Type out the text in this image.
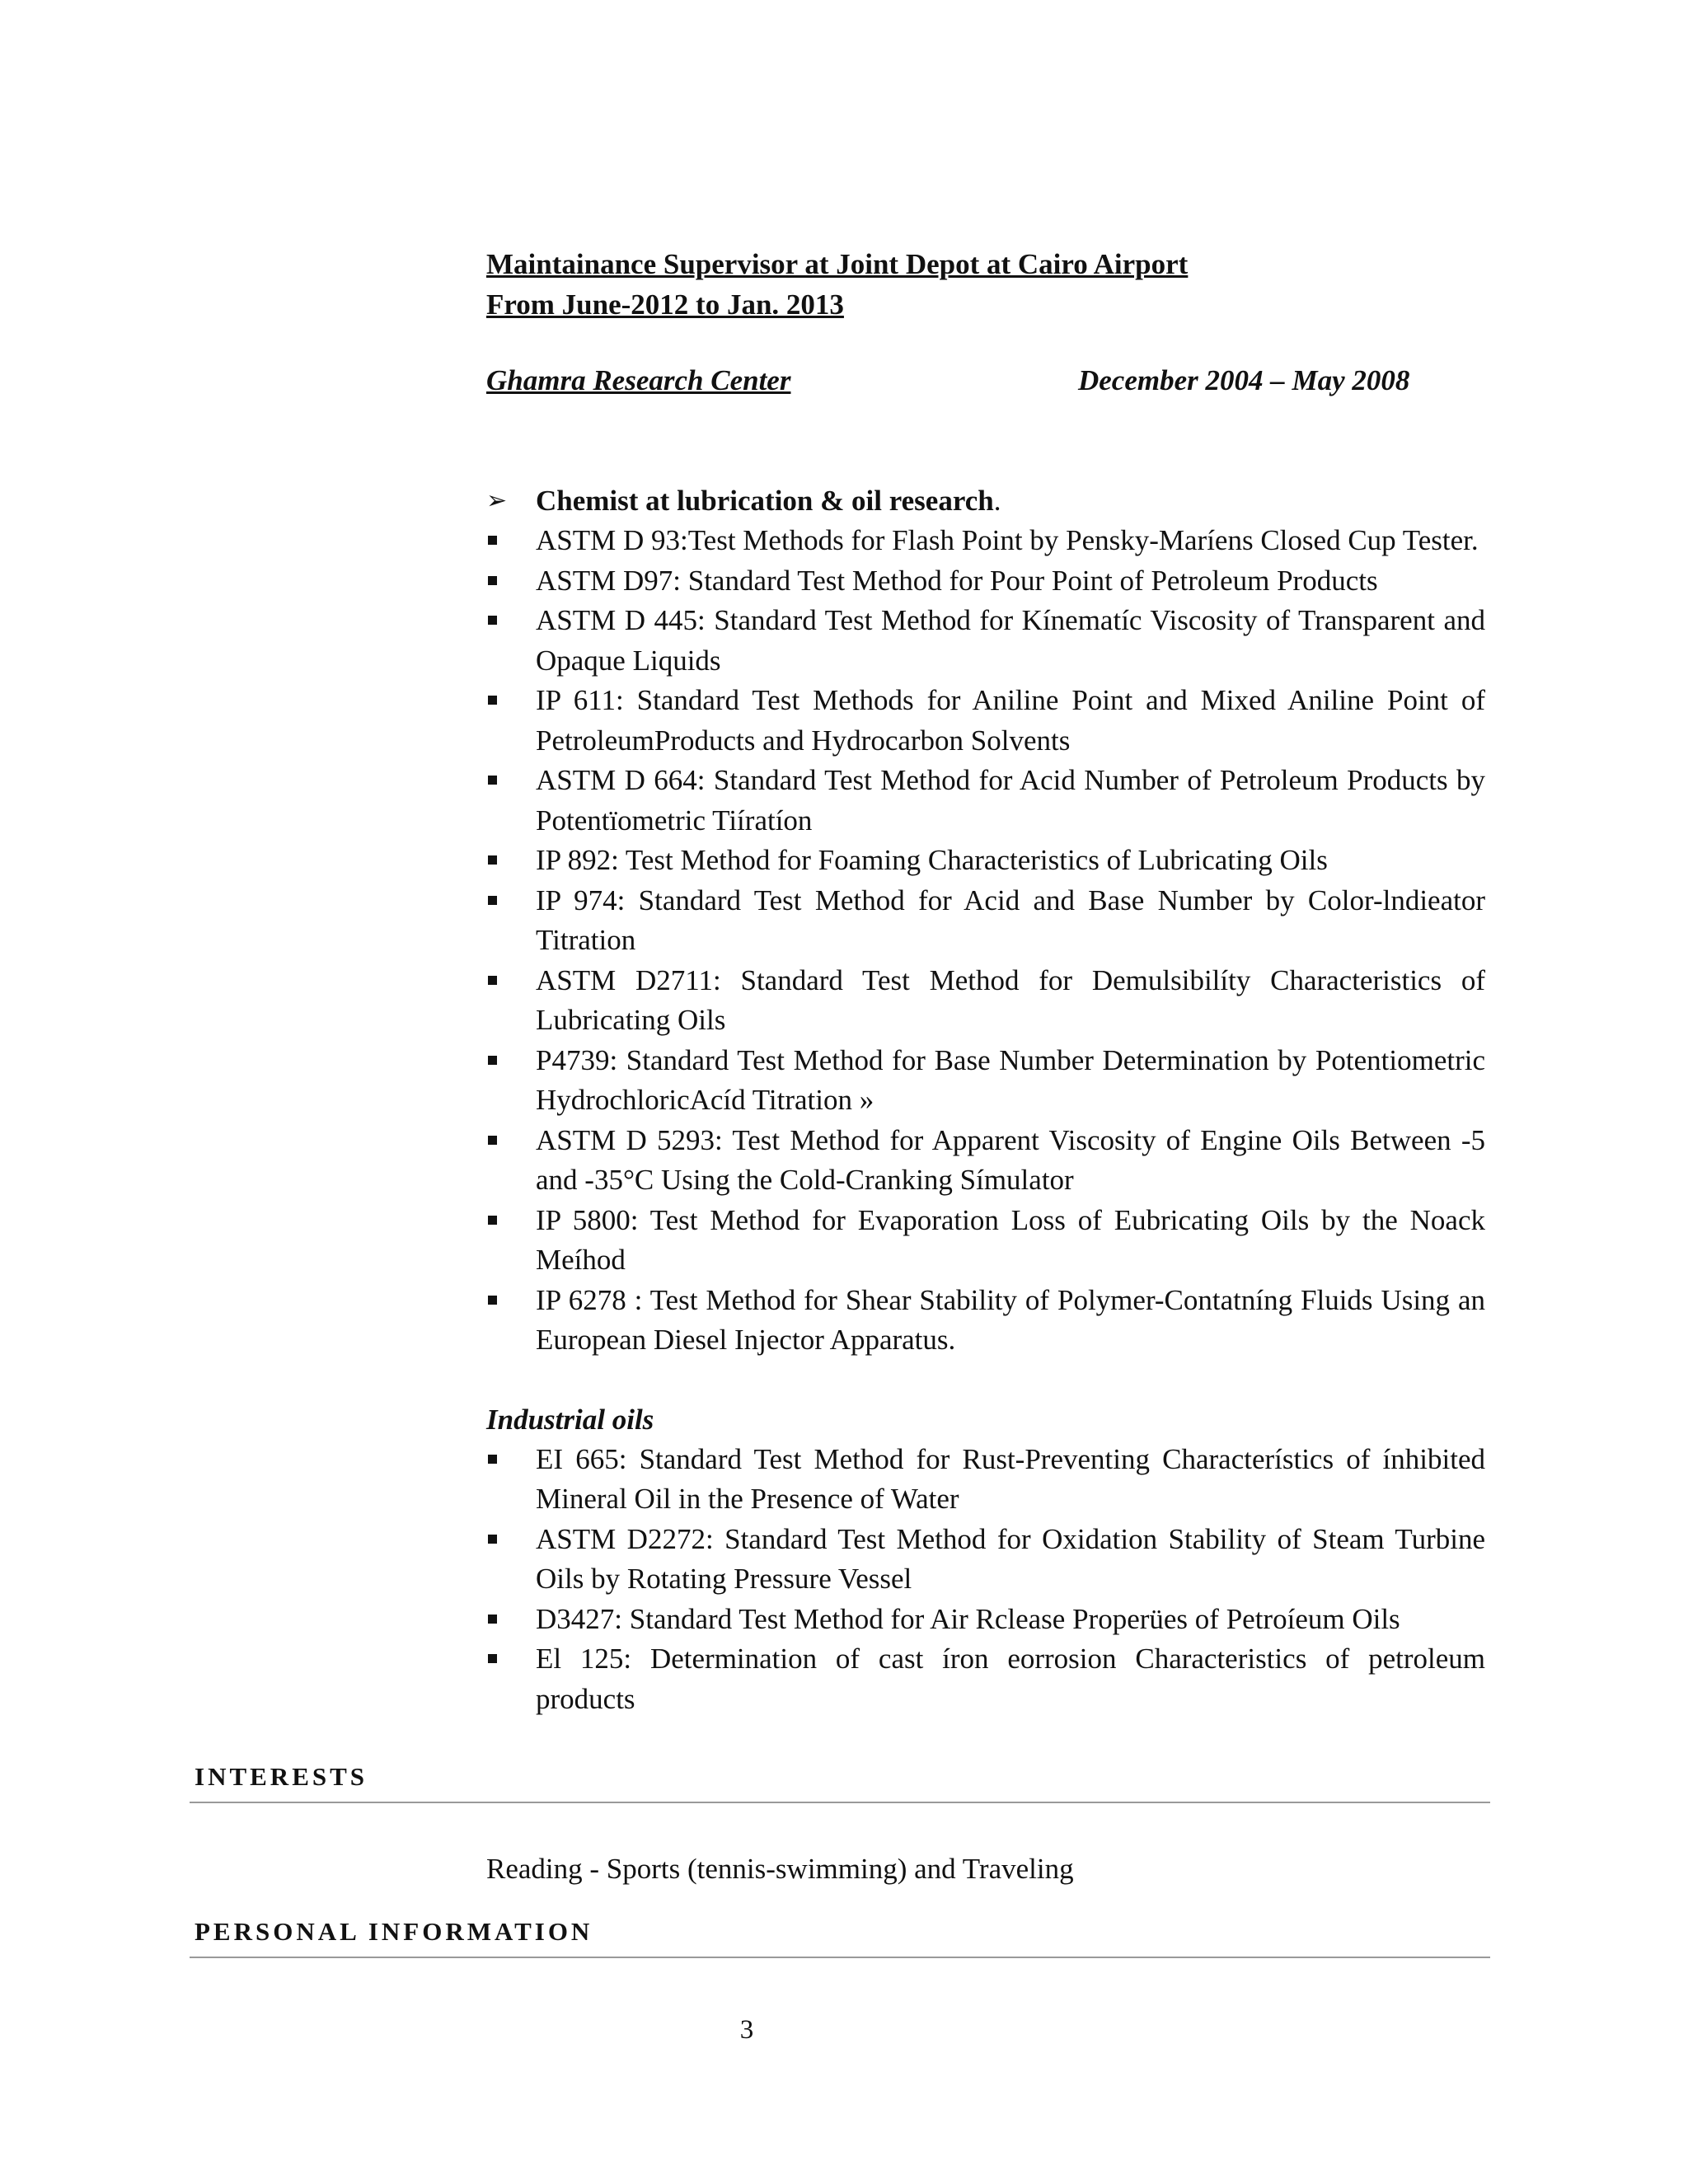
Maintainance Supervisor at Joint Depot at Cairo Airport
From June-2012 to Jan. 2013
Ghamra Research Center	December 2004 – May 2008
➢ Chemist at lubrication & oil research.
ASTM D 93:Test Methods for Flash Point by Pensky-Maríens Closed Cup Tester.
ASTM D97: Standard Test Method for Pour Point of Petroleum Products
ASTM D 445: Standard Test Method for Kínematíc Viscosity of Transparent and Opaque Liquids
IP 611: Standard Test Methods for Aniline Point and Mixed Aniline Point of PetroleumProducts and Hydrocarbon Solvents
ASTM D 664: Standard Test Method for Acid Number of Petroleum Products by Potentïometric Tiíratíon
IP 892: Test Method for Foaming Characteristics of Lubricating Oils
IP 974: Standard Test Method for Acid and Base Number by Color-lndieator Titration
ASTM D2711: Standard Test Method for Demulsibilíty Characteristics of Lubricating Oils
P4739: Standard Test Method for Base Number Determination by Potentiometric HydrochloricAcíd Titration »
ASTM D 5293: Test Method for Apparent Viscosity of Engine Oils Between -5 and -35°C Using the Cold-Cranking Símulator
IP 5800: Test Method for Evaporation Loss of Eubricating Oils by the Noack Meíhod
IP 6278 : Test Method for Shear Stability of Polymer-Contatníng Fluids Using an European Diesel Injector Apparatus.
Industrial oils
EI 665: Standard Test Method for Rust-Preventing Characterístics of ínhibited Mineral Oil in the Presence of Water
ASTM D2272: Standard Test Method for Oxidation Stability of Steam Turbine Oils by Rotating Pressure Vessel
D3427: Standard Test Method for Air Rclease Properües of Petroíeum Oils
El 125: Determination of cast íron eorrosion Characteristics of petroleum products
INTERESTS
Reading - Sports (tennis-swimming) and Traveling
PERSONAL INFORMATION
3
